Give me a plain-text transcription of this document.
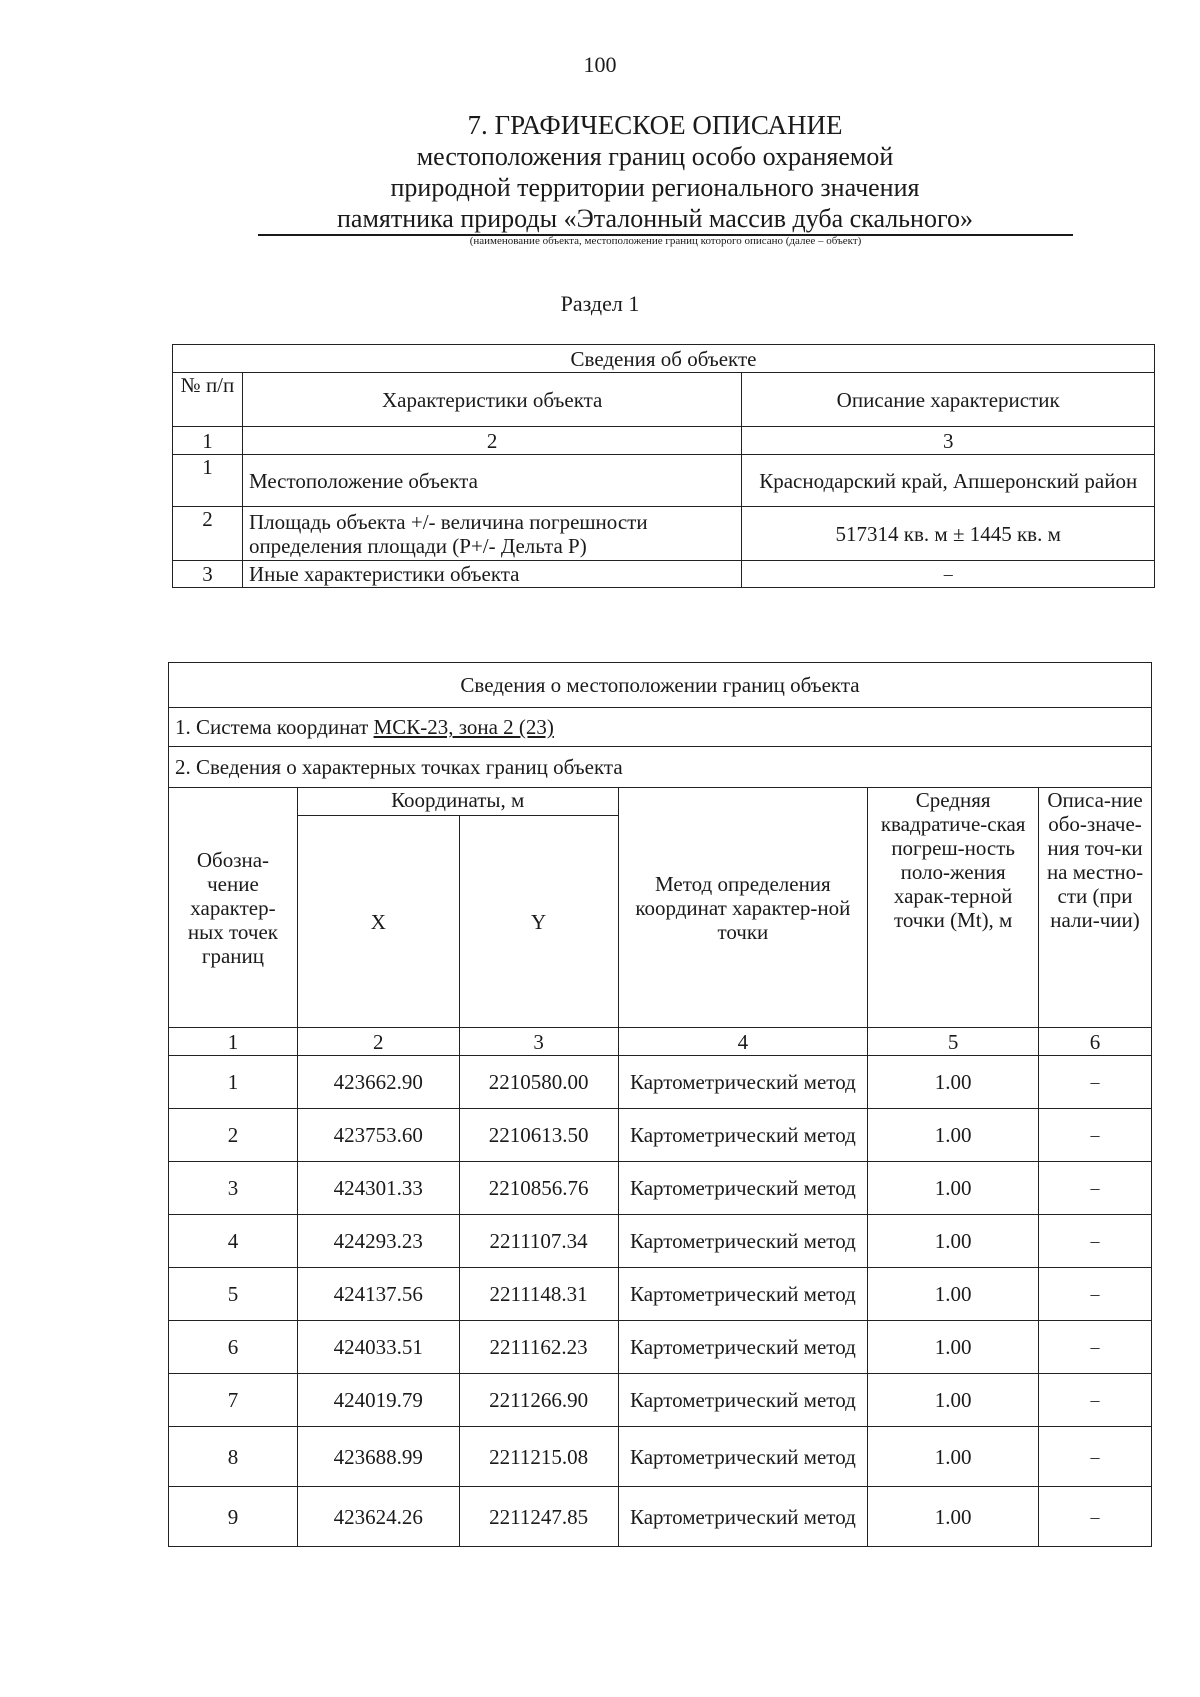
100
7. ГРАФИЧЕСКОЕ ОПИСАНИЕ
местоположения границ особо охраняемой
природной территории регионального значения
памятника природы «Эталонный массив дуба скального»
(наименование объекта, местоположение границ которого описано (далее – объект)
Раздел 1
Сведения об объекте		
№ п/п	Характеристики объекта	Описание характеристик
1	2	3
1	Местоположение объекта	Краснодарский край, Апшеронский район
2	Площадь объекта +/- величина погрешности определения площади (P+/- Дельта P)	517314 кв. м ± 1445 кв. м
3	Иные характеристики объекта	–
Сведения о местоположении границ объекта					
1. Система координат МСК-23, зона 2 (23)					
2. Сведения о характерных точках границ объекта					
Обозна-чение характер-ных точек границ	Координаты, м		Метод определения координат характер-ной точки	Средняя квадратиче-ская погреш-ность поло-жения харак-терной точки (Mt), м	Описа-ние обо-значе-ния точ-ки на местно-сти (при нали-чии)
	X	Y			
1	2	3	4	5	6
1	423662.90	2210580.00	Картометрический метод	1.00	–
2	423753.60	2210613.50	Картометрический метод	1.00	–
3	424301.33	2210856.76	Картометрический метод	1.00	–
4	424293.23	2211107.34	Картометрический метод	1.00	–
5	424137.56	2211148.31	Картометрический метод	1.00	–
6	424033.51	2211162.23	Картометрический метод	1.00	–
7	424019.79	2211266.90	Картометрический метод	1.00	–
8	423688.99	2211215.08	Картометрический метод	1.00	–
9	423624.26	2211247.85	Картометрический метод	1.00	–
